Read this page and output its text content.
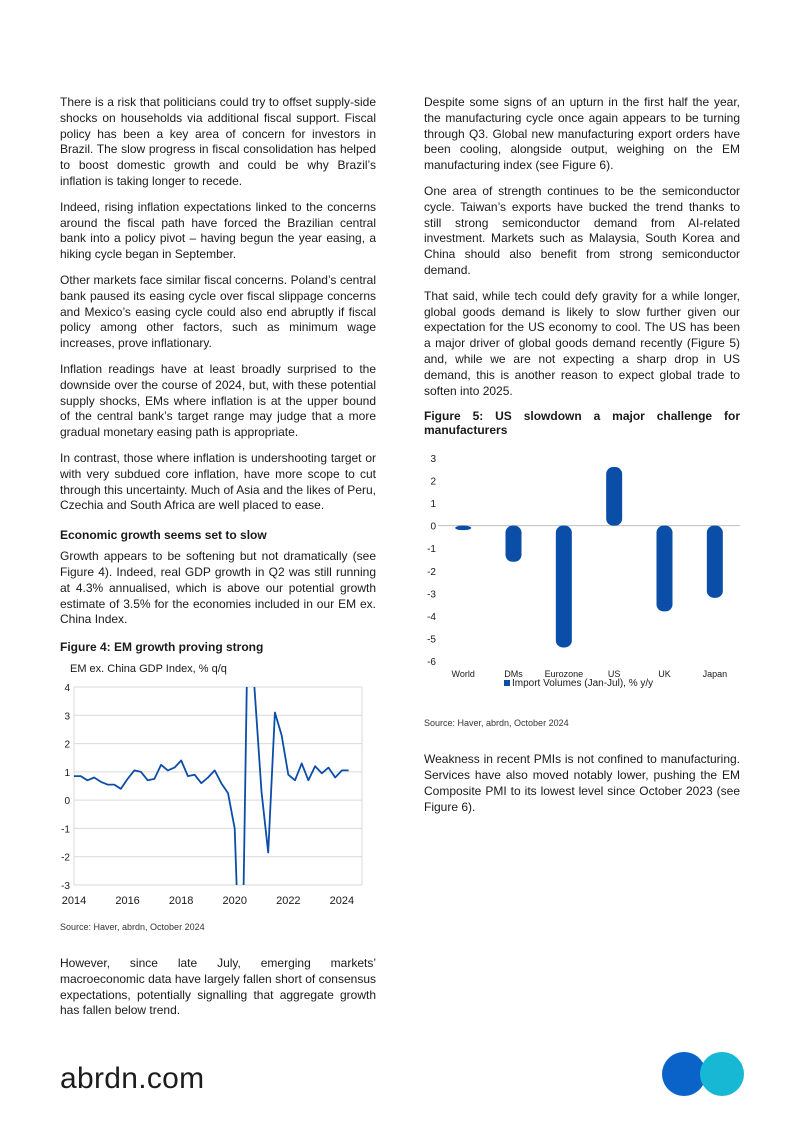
There is a risk that politicians could try to offset supply-side shocks on households via additional fiscal support. Fiscal policy has been a key area of concern for investors in Brazil. The slow progress in fiscal consolidation has helped to boost domestic growth and could be why Brazil’s inflation is taking longer to recede.

Indeed, rising inflation expectations linked to the concerns around the fiscal path have forced the Brazilian central bank into a policy pivot – having begun the year easing, a hiking cycle began in September.

Other markets face similar fiscal concerns. Poland’s central bank paused its easing cycle over fiscal slippage concerns and Mexico’s easing cycle could also end abruptly if fiscal policy among other factors, such as minimum wage increases, prove inflationary.

Inflation readings have at least broadly surprised to the downside over the course of 2024, but, with these potential supply shocks, EMs where inflation is at the upper bound of the central bank’s target range may judge that a more gradual monetary easing path is appropriate.

In contrast, those where inflation is undershooting target or with very subdued core inflation, have more scope to cut through this uncertainty. Much of Asia and the likes of Peru, Czechia and South Africa are well placed to ease.

Economic growth seems set to slow

Growth appears to be softening but not dramatically (see Figure 4). Indeed, real GDP growth in Q2 was still running at 4.3% annualised, which is above our potential growth estimate of 3.5% for the economies included in our EM ex. China Index.

Figure 4: EM growth proving strong
EM ex. China GDP Index, % q/q
4
3
2
1
0
-1
-2
-3
2014	2016	2018	2020	2022	2024

Source: Haver, abrdn, October 2024

However, since late July, emerging markets’ macroeconomic data have largely fallen short of consensus expectations, potentially signalling that aggregate growth has fallen below trend.

Despite some signs of an upturn in the first half the year, the manufacturing cycle once again appears to be turning through Q3. Global new manufacturing export orders have been cooling, alongside output, weighing on the EM manufacturing index (see Figure 6).

One area of strength continues to be the semiconductor cycle. Taiwan’s exports have bucked the trend thanks to still strong semiconductor demand from AI-related investment. Markets such as Malaysia, South Korea and China should also benefit from strong semiconductor demand.

That said, while tech could defy gravity for a while longer, global goods demand is likely to slow further given our expectation for the US economy to cool. The US has been a major driver of global goods demand recently (Figure 5) and, while we are not expecting a sharp drop in US demand, this is another reason to expect global trade to soften into 2025.

Figure 5: US slowdown a major challenge for manufacturers
3
2
1
0
-1
-2
-3
-4
-5
-6
World	DMs Eurozone	US	UK	Japan
Import Volumes (Jan-Jul), % y/y

Source: Haver, abrdn, October 2024

Weakness in recent PMIs is not confined to manufacturing. Services have also moved notably lower, pushing the EM Composite PMI to its lowest level since October 2023 (see Figure 6).

abrdn.com
